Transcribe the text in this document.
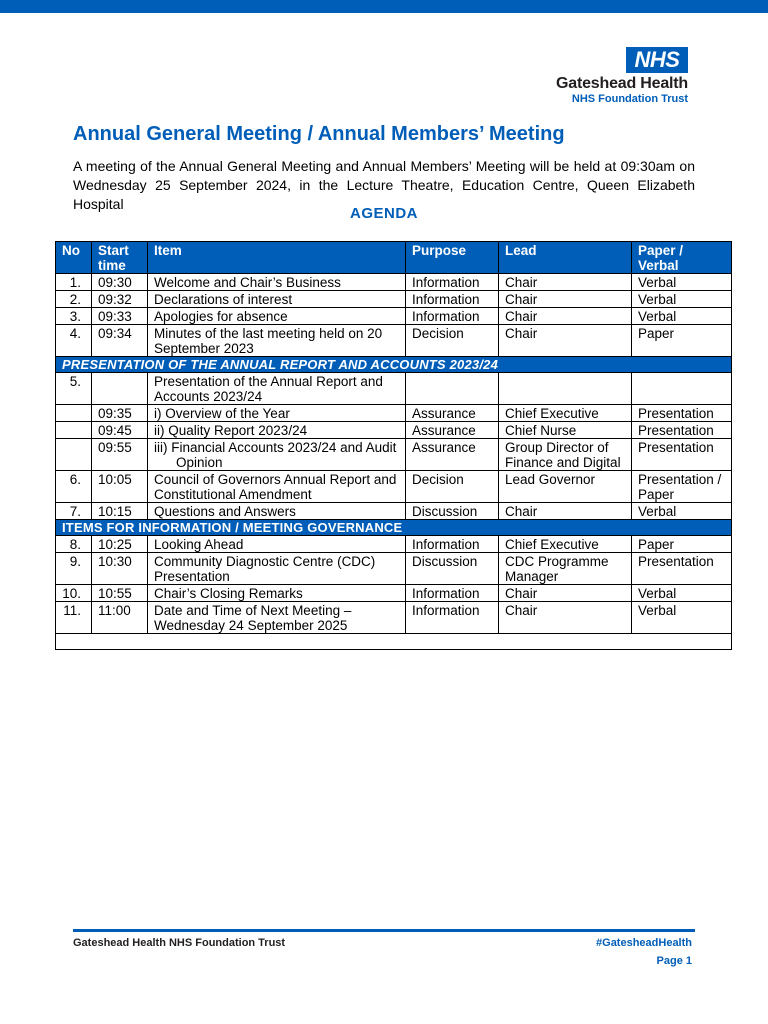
NHS
Gateshead Health
NHS Foundation Trust
Annual General Meeting / Annual Members’ Meeting

A meeting of the Annual General Meeting and Annual Members’ Meeting will be held at 09:30am on Wednesday 25 September 2024, in the Lecture Theatre, Education Centre, Queen Elizabeth Hospital

AGENDA
No	Start time	Item	Purpose	Lead	Paper / Verbal
1.	09:30	Welcome and Chair’s Business	Information	Chair	Verbal
2.	09:32	Declarations of interest	Information	Chair	Verbal
3.	09:33	Apologies for absence	Information	Chair	Verbal
4.	09:34	Minutes of the last meeting held on 20 September 2023	Decision	Chair	Paper
PRESENTATION OF THE ANNUAL REPORT AND ACCOUNTS 2023/24					
5.		Presentation of the Annual Report and Accounts 2023/24			
	09:35	i) Overview of the Year	Assurance	Chief Executive	Presentation
	09:45	ii) Quality Report 2023/24	Assurance	Chief Nurse	Presentation
	09:55	iii) Financial Accounts 2023/24 and Audit Opinion	Assurance	Group Director of Finance and Digital	Presentation
6.	10:05	Council of Governors Annual Report and Constitutional Amendment	Decision	Lead Governor	Presentation / Paper
7.	10:15	Questions and Answers	Discussion	Chair	Verbal
ITEMS FOR INFORMATION / MEETING GOVERNANCE					
8.	10:25	Looking Ahead	Information	Chief Executive	Paper
9.	10:30	Community Diagnostic Centre (CDC) Presentation	Discussion	CDC Programme Manager	Presentation
10.	10:55	Chair’s Closing Remarks	Information	Chair	Verbal
11.	11:00	Date and Time of Next Meeting – Wednesday 24 September 2025	Information	Chair	Verbal

Gateshead Health NHS Foundation Trust	#GatesheadHealth
Page 1
